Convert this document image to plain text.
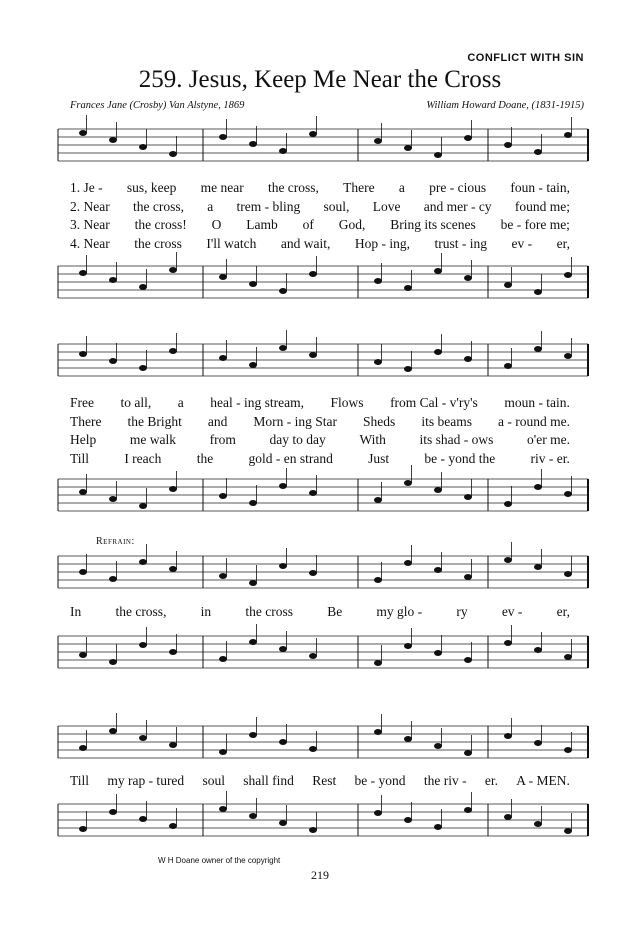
CONFLICT WITH SIN
259. Jesus, Keep Me Near the Cross
Frances Jane (Crosby) Van Alstyne, 1869	William Howard Doane, (1831-1915)
1. Je - sus, keep me near the cross, There a pre - cious foun - tain,
2. Near the cross, a trem - bling soul, Love and mer - cy found me;
3. Near the cross! O Lamb of God, Bring its scenes be - fore me;
4. Near the cross I'll watch and wait, Hop - ing, trust - ing ev - er,
Free to all, a heal - ing stream, Flows from Cal - v'ry's moun - tain.
There the Bright and Morn - ing Star Sheds its beams a - round me.
Help me walk from day to day With its shad - ows o'er me.
Till	I reach	the	gold - en strand	Just	be - yond the	riv - er.
Refrain:
In	the cross,	in	the cross	Be	my glo -	ry	ev -	er,
Till my rap - tured soul shall find Rest be - yond the riv - er. A - MEN.
W H Doane owner of the copyright
219
